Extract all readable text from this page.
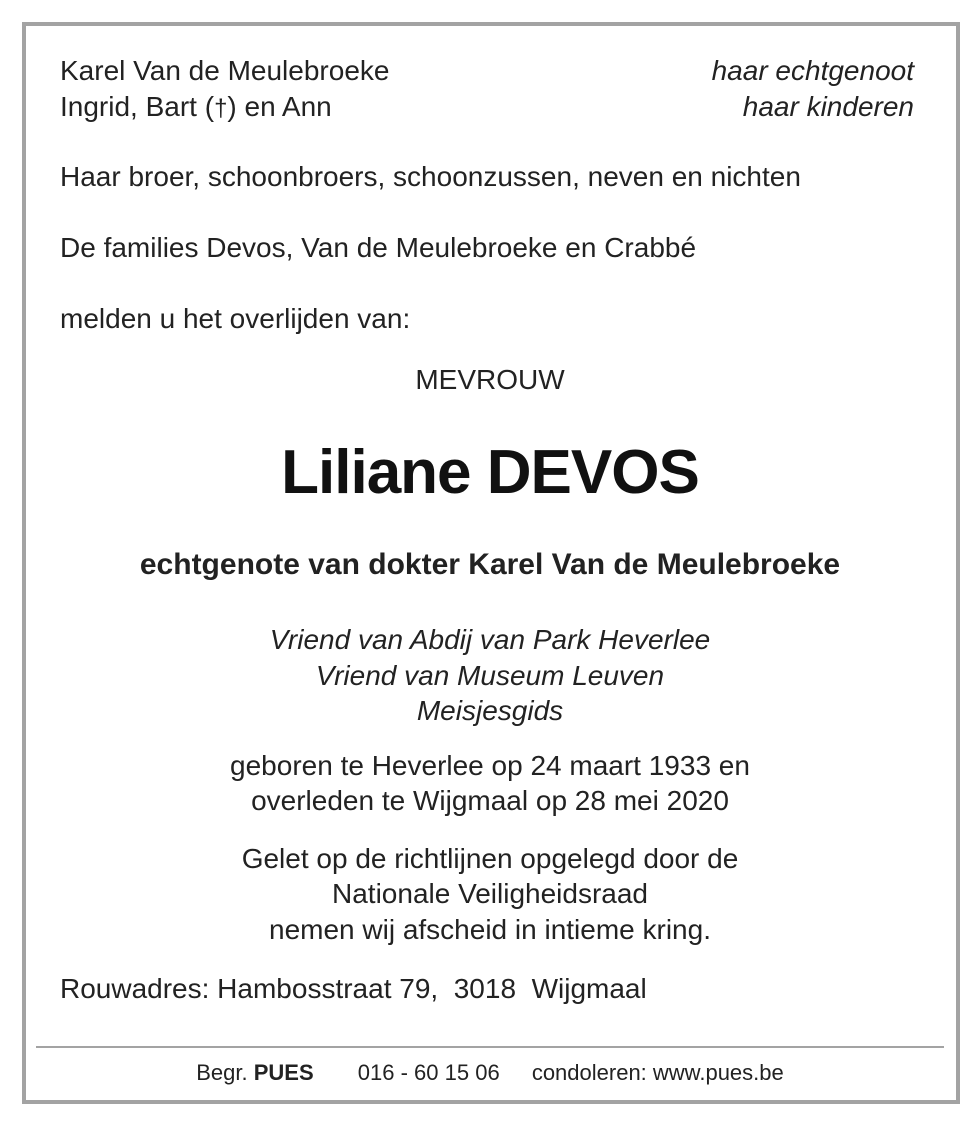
Karel Van de Meulebroeke	haar echtgenoot
Ingrid, Bart (†) en Ann	haar kinderen
Haar broer, schoonbroers, schoonzussen, neven en nichten
De families Devos, Van de Meulebroeke en Crabbé
melden u het overlijden van:
MEVROUW
Liliane DEVOS
echtgenote van dokter Karel Van de Meulebroeke
Vriend van Abdij van Park Heverlee
Vriend van Museum Leuven
Meisjesgids
geboren te Heverlee op 24 maart 1933 en
overleden te Wijgmaal op 28 mei 2020
Gelet op de richtlijnen opgelegd door de
Nationale Veiligheidsraad
nemen wij afscheid in intieme kring.
Rouwadres: Hambosstraat 79,  3018  Wijgmaal
Begr. PUES 016 - 60 15 06 condoleren: www.pues.be
